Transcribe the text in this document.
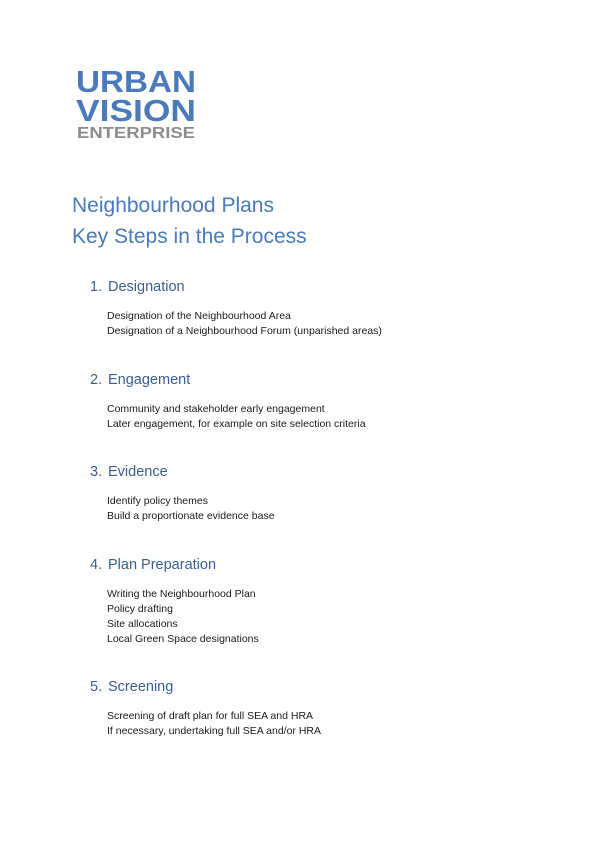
URBAN
VISION
ENTERPRISE
Neighbourhood Plans
Key Steps in the Process
1. Designation
Designation of the Neighbourhood Area
Designation of a Neighbourhood Forum (unparished areas)
2. Engagement
Community and stakeholder early engagement
Later engagement, for example on site selection criteria
3. Evidence
Identify policy themes
Build a proportionate evidence base
4. Plan Preparation
Writing the Neighbourhood Plan
Policy drafting
Site allocations
Local Green Space designations
5. Screening
Screening of draft plan for full SEA and HRA
If necessary, undertaking full SEA and/or HRA
